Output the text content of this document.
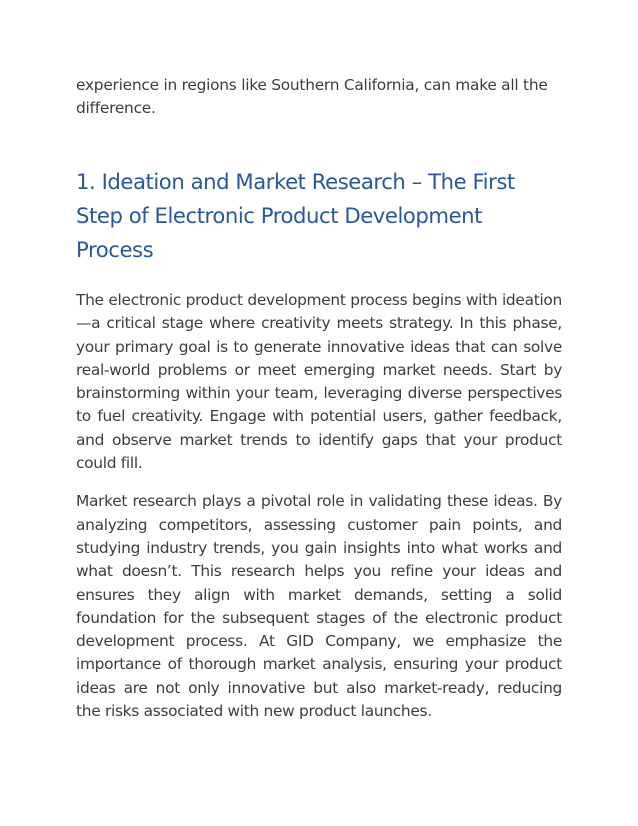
experience in regions like Southern California, can make all the difference.

1. Ideation and Market Research – The First Step of Electronic Product Development Process

The electronic product development process begins with ideation—a critical stage where creativity meets strategy. In this phase, your primary goal is to generate innovative ideas that can solve real-world problems or meet emerging market needs. Start by brainstorming within your team, leveraging diverse perspectives to fuel creativity. Engage with potential users, gather feedback, and observe market trends to identify gaps that your product could fill.

Market research plays a pivotal role in validating these ideas. By analyzing competitors, assessing customer pain points, and studying industry trends, you gain insights into what works and what doesn’t. This research helps you refine your ideas and ensures they align with market demands, setting a solid foundation for the subsequent stages of the electronic product development process. At GID Company, we emphasize the importance of thorough market analysis, ensuring your product ideas are not only innovative but also market-ready, reducing the risks associated with new product launches.
